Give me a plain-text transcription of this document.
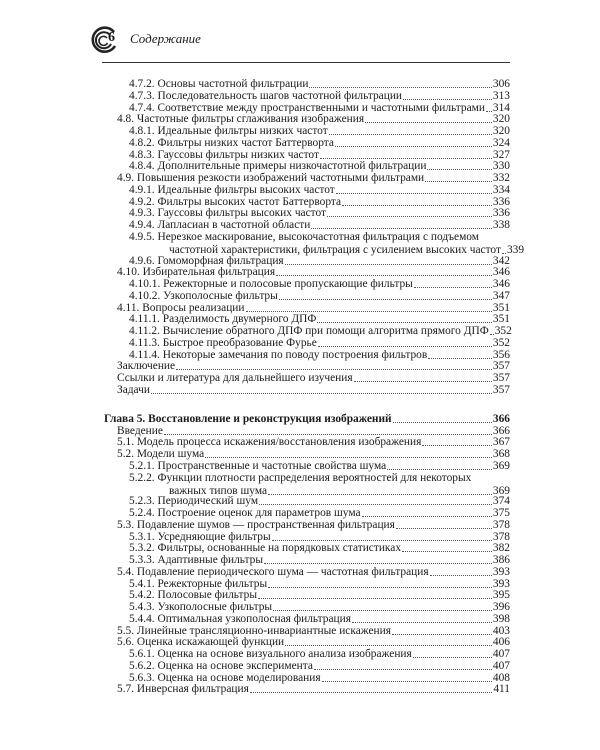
6 Содержание
4.7.2. Основы частотной фильтрации	306
4.7.3. Последовательность шагов частотной фильтрации	313
4.7.4. Соответствие между пространственными и частотными фильтрами 314
4.8. Частотные фильтры сглаживания изображения	320
4.8.1. Идеальные фильтры низких частот	320
4.8.2. Фильтры низких частот Баттерворта	324
4.8.3. Гауссовы фильтры низких частот	327
4.8.4. Дополнительные примеры низкочастотной фильтрации	330
4.9. Повышения резкости изображений частотными фильтрами	332
4.9.1. Идеальные фильтры высоких частот	334
4.9.2. Фильтры высоких частот Баттерворта	336
4.9.3. Гауссовы фильтры высоких частот	336
4.9.4. Лапласиан в частотной области	338
4.9.5. Нерезкое маскирование, высокочастотная фильтрация с подъемом
частотной характеристики, фильтрация с усилением высоких частот 339
4.9.6. Гомоморфная фильтрация	342
4.10. Избирательная фильтрация	346
4.10.1. Режекторные и полосовые пропускающие фильтры	346
4.10.2. Узкополосные фильтры	347
4.11. Вопросы реализации	351
4.11.1. Разделимость двумерного ДПФ	351
4.11.2. Вычисление обратного ДПФ при помощи алгоритма прямого ДПФ 352
4.11.3. Быстрое преобразование Фурье	352
4.11.4. Некоторые замечания по поводу построения фильтров	356
Заключение	357
Ссылки и литература для дальнейшего изучения	357
Задачи	357
Глава 5. Восстановление и реконструкция изображений	366
Введение	366
5.1. Модель процесса искажения/восстановления изображения	367
5.2. Модели шума	368
5.2.1. Пространственные и частотные свойства шума	369
5.2.2. Функции плотности распределения вероятностей для некоторых
важных типов шума	369
5.2.3. Периодический шум	374
5.2.4. Построение оценок для параметров шума	375
5.3. Подавление шумов — пространственная фильтрация	378
5.3.1. Усредняющие фильтры	378
5.3.2. Фильтры, основанные на порядковых статистиках	382
5.3.3. Адаптивные фильтры	386
5.4. Подавление периодического шума — частотная фильтрация	393
5.4.1. Режекторные фильтры	393
5.4.2. Полосовые фильтры	395
5.4.3. Узкополосные фильтры	396
5.4.4. Оптимальная узкополосная фильтрация	398
5.5. Линейные трансляционно-инвариантные искажения	403
5.6. Оценка искажающей функции	406
5.6.1. Оценка на основе визуального анализа изображения	407
5.6.2. Оценка на основе эксперимента	407
5.6.3. Оценка на основе моделирования	408
5.7. Инверсная фильтрация	411
